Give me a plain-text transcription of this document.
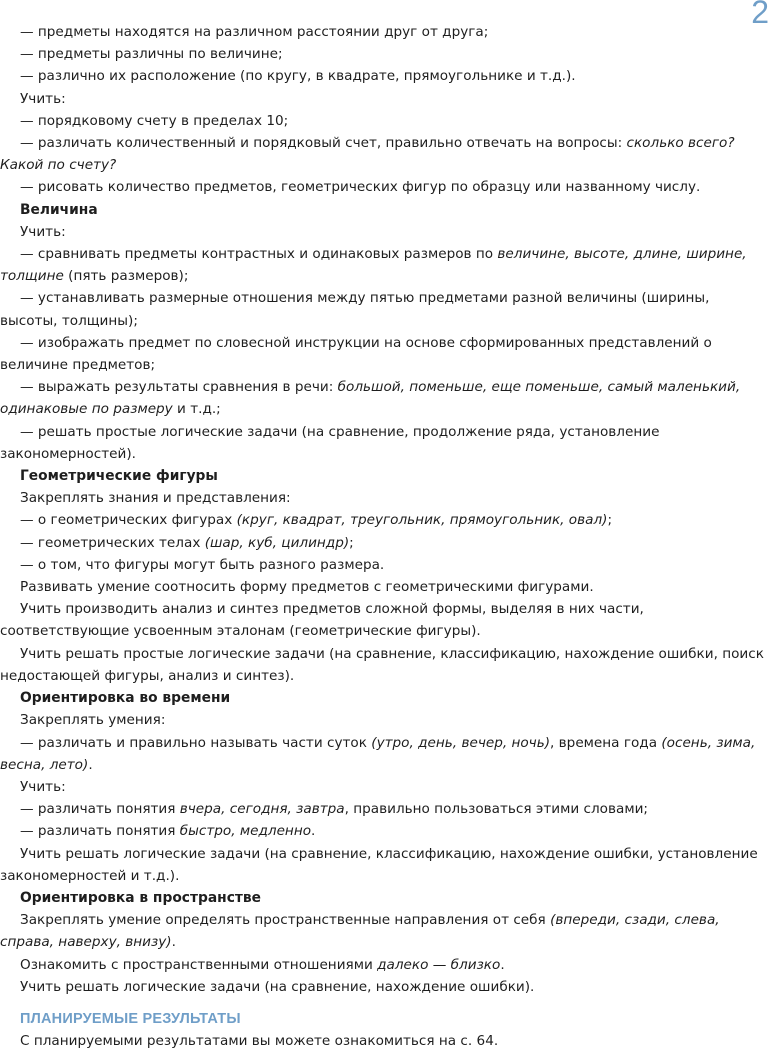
2

— предметы находятся на различном расстоянии друг от друга;

— предметы различны по величине;

— различно их расположение (по кругу, в квадрате, прямоугольнике и т.д.).

Учить:

— порядковому счету в пределах 10;

— различать количественный и порядковый счет, правильно отвечать на вопросы: сколько всего? Какой по счету?

— рисовать количество предметов, геометрических фигур по образцу или названному числу.

Величина

Учить:

— сравнивать предметы контрастных и одинаковых размеров по величине, высоте, длине, ширине, толщине (пять размеров);

— устанавливать размерные отношения между пятью предметами разной величины (ширины, высоты, толщины);

— изображать предмет по словесной инструкции на основе сформированных представлений о величине предметов;

— выражать результаты сравнения в речи: большой, поменьше, еще поменьше, самый маленький, одинаковые по размеру и т.д.;

— решать простые логические задачи (на сравнение, продолжение ряда, установление закономерностей).

Геометрические фигуры

Закреплять знания и представления:

— о геометрических фигурах (круг, квадрат, треугольник, прямоугольник, овал);

— геометрических телах (шар, куб, цилиндр);

— о том, что фигуры могут быть разного размера.

Развивать умение соотносить форму предметов с геометрическими фигурами.

Учить производить анализ и синтез предметов сложной формы, выделяя в них части, соответствующие усвоенным эталонам (геометрические фигуры).

Учить решать простые логические задачи (на сравнение, классификацию, нахождение ошибки, поиск недостающей фигуры, анализ и синтез).

Ориентировка во времени

Закреплять умения:

— различать и правильно называть части суток (утро, день, вечер, ночь), времена года (осень, зима, весна, лето).

Учить:

— различать понятия вчера, сегодня, завтра, правильно пользоваться этими словами;

— различать понятия быстро, медленно.

Учить решать логические задачи (на сравнение, классификацию, нахождение ошибки, установление закономерностей и т.д.).

Ориентировка в пространстве

Закреплять умение определять пространственные направления от себя (впереди, сзади, слева, справа, наверху, внизу).

Ознакомить с пространственными отношениями далеко — близко.

Учить решать логические задачи (на сравнение, нахождение ошибки).

ПЛАНИРУЕМЫЕ РЕЗУЛЬТАТЫ

С планируемыми результатами вы можете ознакомиться на с. 64.
